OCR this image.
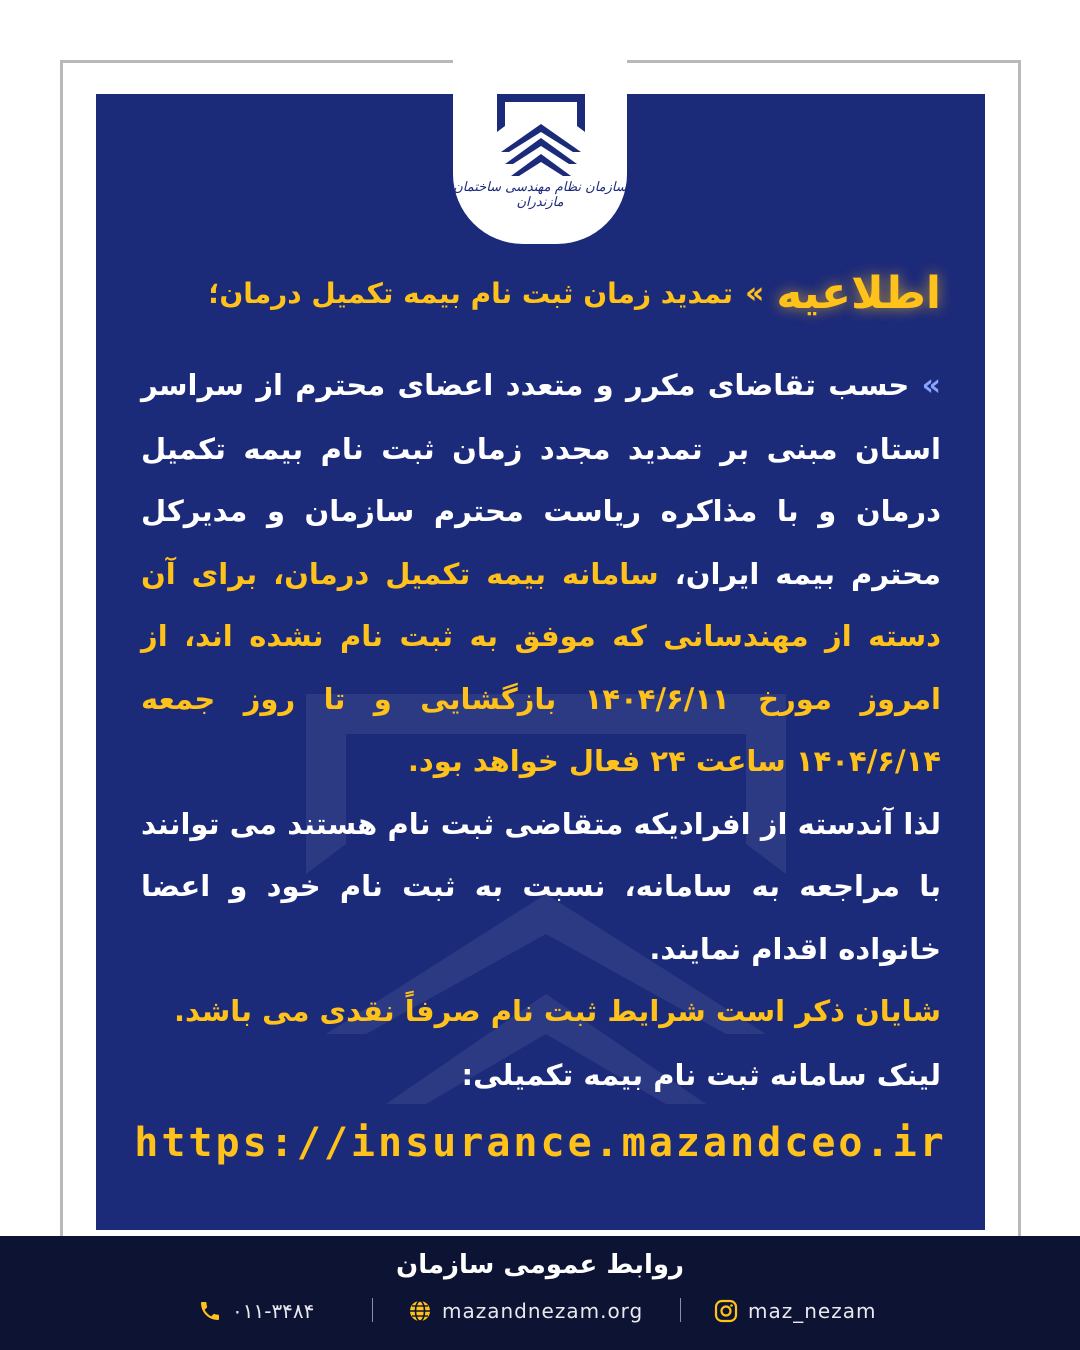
سازمان نظام مهندسی ساختمان مازندران
اطلاعیه
»
تمدید زمان ثبت نام بیمه تکمیل درمان؛

» حسب تقاضای مکرر و متعدد اعضای محترم از سراسر استان مبنی بر تمدید مجدد زمان ثبت نام بیمه تکمیل درمان و با مذاکره ریاست محترم سازمان و مدیرکل محترم بیمه ایران، سامانه بیمه تکمیل درمان، برای آن دسته از مهندسانی که موفق به ثبت نام نشده اند، از امروز مورخ ۱۴۰۴/۶/۱۱ بازگشایی و تا روز جمعه ۱۴۰۴/۶/۱۴ ساعت ۲۴ فعال خواهد بود.

لذا آندسته از افرادیکه متقاضی ثبت نام هستند می توانند با مراجعه به سامانه، نسبت به ثبت نام خود و اعضا خانواده اقدام نمایند.

شایان ذکر است شرایط ثبت نام صرفاً نقدی می باشد.

لینک سامانه ثبت نام بیمه تکمیلی:
https://insurance.mazandceo.ir
روابط عمومی سازمان
۰۱۱-۳۴۸۴	mazandnezam.org	maz_nezam
